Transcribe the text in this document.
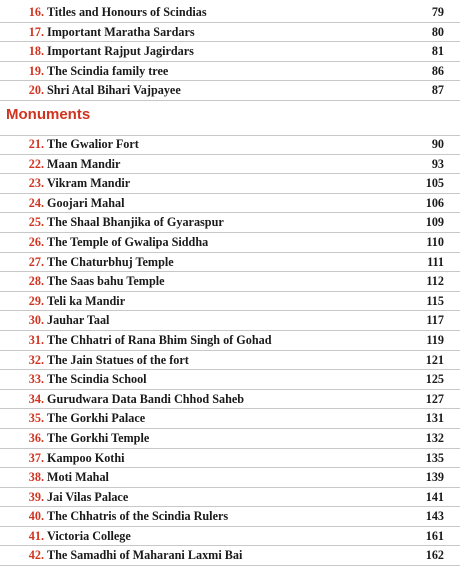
16. Titles and Honours of Scindias	79
17. Important Maratha Sardars	80
18. Important Rajput Jagirdars	81
19. The Scindia family tree	86
20. Shri Atal Bihari Vajpayee	87
Monuments
21. The Gwalior Fort	90
22. Maan Mandir	93
23. Vikram Mandir	105
24. Goojari Mahal	106
25. The Shaal Bhanjika of Gyaraspur	109
26. The Temple of Gwalipa Siddha	110
27. The Chaturbhuj Temple	111
28. The Saas bahu Temple	112
29. Teli ka Mandir	115
30. Jauhar Taal	117
31. The Chhatri of Rana Bhim Singh of Gohad	119
32. The Jain Statues of the fort	121
33. The Scindia School	125
34. Gurudwara Data Bandi Chhod Saheb	127
35. The Gorkhi Palace	131
36. The Gorkhi Temple	132
37. Kampoo Kothi	135
38. Moti Mahal	139
39. Jai Vilas Palace	141
40. The Chhatris of the Scindia Rulers	143
41. Victoria College	161
42. The Samadhi of Maharani Laxmi Bai	162
